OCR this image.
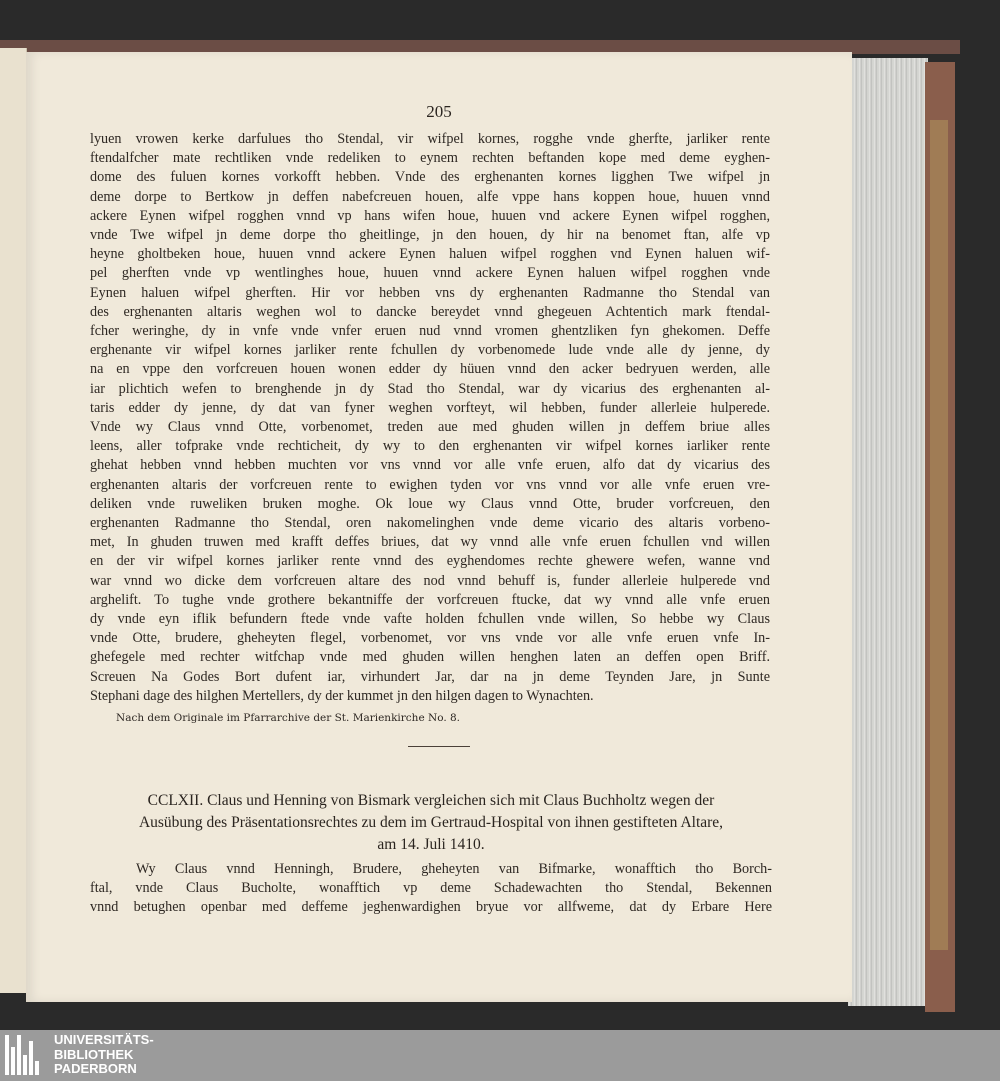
205

lyuen vrowen kerke darfulues tho Stendal, vir wifpel kornes, rogghe vnde gherfte, jarliker rente

ftendalfcher mate rechtliken vnde redeliken to eynem rechten beftanden kope med deme eyghen-

dome des fuluen kornes vorkofft hebben. Vnde des erghenanten kornes ligghen Twe wifpel jn

deme dorpe to Bertkow jn deffen nabefcreuen houen, alfe vppe hans koppen houe, huuen vnnd

ackere Eynen wifpel rogghen vnnd vp hans wifen houe, huuen vnd ackere Eynen wifpel rogghen,

vnde Twe wifpel jn deme dorpe tho gheitlinge, jn den houen, dy hir na benomet ftan, alfe vp

heyne gholtbeken houe, huuen vnnd ackere Eynen haluen wifpel rogghen vnd Eynen haluen wif-

pel gherften vnde vp wentlinghes houe, huuen vnnd ackere Eynen haluen wifpel rogghen vnde

Eynen haluen wifpel gherften. Hir vor hebben vns dy erghenanten Radmanne tho Stendal van

des erghenanten altaris weghen wol to dancke bereydet vnnd ghegeuen Achtentich mark ftendal-

fcher weringhe, dy in vnfe vnde vnfer eruen nud vnnd vromen ghentzliken fyn ghekomen. Deffe

erghenante vir wifpel kornes jarliker rente fchullen dy vorbenomede lude vnde alle dy jenne, dy

na en vppe den vorfcreuen houen wonen edder dy hüuen vnnd den acker bedryuen werden, alle

iar plichtich wefen to brenghende jn dy Stad tho Stendal, war dy vicarius des erghenanten al-

taris edder dy jenne, dy dat van fyner weghen vorfteyt, wil hebben, funder allerleie hulperede.

Vnde wy Claus vnnd Otte, vorbenomet, treden aue med ghuden willen jn deffem briue alles

leens, aller tofprake vnde rechticheit, dy wy to den erghenanten vir wifpel kornes iarliker rente

ghehat hebben vnnd hebben muchten vor vns vnnd vor alle vnfe eruen, alfo dat dy vicarius des

erghenanten altaris der vorfcreuen rente to ewighen tyden vor vns vnnd vor alle vnfe eruen vre-

deliken vnde ruweliken bruken moghe. Ok loue wy Claus vnnd Otte, bruder vorfcreuen, den

erghenanten Radmanne tho Stendal, oren nakomelinghen vnde deme vicario des altaris vorbeno-

met, In ghuden truwen med krafft deffes briues, dat wy vnnd alle vnfe eruen fchullen vnd willen

en der vir wifpel kornes jarliker rente vnnd des eyghendomes rechte ghewere wefen, wanne vnd

war vnnd wo dicke dem vorfcreuen altare des nod vnnd behuff is, funder allerleie hulperede vnd

arghelift. To tughe vnde grothere bekantniffe der vorfcreuen ftucke, dat wy vnnd alle vnfe eruen

dy vnde eyn iflik befundern ftede vnde vafte holden fchullen vnde willen, So hebbe wy Claus

vnde Otte, brudere, gheheyten flegel, vorbenomet, vor vns vnde vor alle vnfe eruen vnfe In-

ghefegele med rechter witfchap vnde med ghuden willen henghen laten an deffen open Briff.

Screuen Na Godes Bort dufent iar, virhundert Jar, dar na jn deme Teynden Jare, jn Sunte

Stephani dage des hilghen Mertellers, dy der kummet jn den hilgen dagen to Wynachten.

Nach dem Originale im Pfarrarchive der St. Marienkirche No. 8.

CCLXII. Claus und Henning von Bismark vergleichen sich mit Claus Buchholtz wegen der
Ausübung des Präsentationsrechtes zu dem im Gertraud-Hospital von ihnen gestifteten Altare,
am 14. Juli 1410.
Wy Claus vnnd Henningh, Brudere, gheheyten van Bifmarke, wonafftich tho Borch-
ftal, vnde Claus Bucholte, wonafftich vp deme Schadewachten tho Stendal, Bekennen
vnnd betughen openbar med deffeme jeghenwardighen bryue vor allfweme, dat dy Erbare Here
UNIVERSITÄTS-
BIBLIOTHEK
PADERBORN
